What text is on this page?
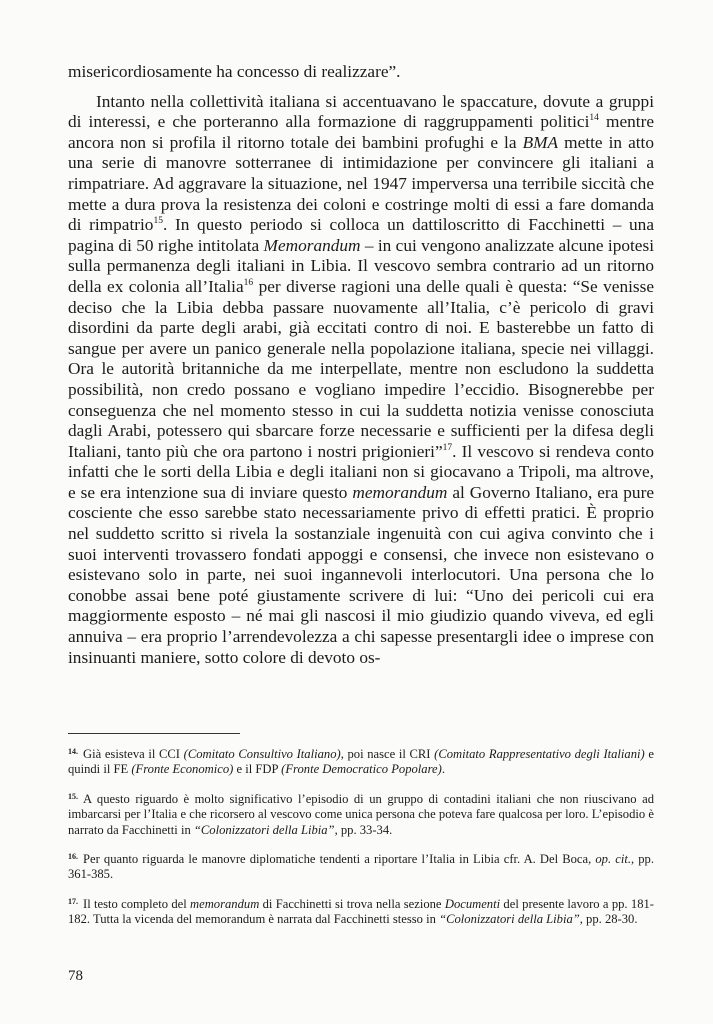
misericordiosamente ha concesso di realizzare”.

Intanto nella collettività italiana si accentuavano le spaccature, dovute a gruppi di interessi, e che porteranno alla formazione di raggruppamenti politici$^{14}$ mentre ancora non si profila il ritorno totale dei bambini profughi e la BMA mette in atto una serie di manovre sotterranee di intimidazione per convincere gli italiani a rimpatriare. Ad aggravare la situazione, nel 1947 imperversa una terribile siccità che mette a dura prova la resistenza dei coloni e costringe molti di essi a fare domanda di rimpatrio$^{15}$. In questo periodo si colloca un dattiloscritto di Facchinetti – una pagina di 50 righe intitolata Memorandum – in cui vengono analizzate alcune ipotesi sulla permanenza degli italiani in Libia. Il vescovo sembra contrario ad un ritorno della ex colonia all’Italia$^{16}$ per diverse ragioni una delle quali è questa: “Se venisse deciso che la Libia debba passare nuovamente all’Italia, c’è pericolo di gravi disordini da parte degli arabi, già eccitati contro di noi. E basterebbe un fatto di sangue per avere un panico generale nella popolazione italiana, specie nei villaggi. Ora le autorità britanniche da me interpellate, mentre non escludono la suddetta possibilità, non credo possano e vogliano impedire l’eccidio. Bisognerebbe per conseguenza che nel momento stesso in cui la suddetta notizia venisse conosciuta dagli Arabi, potessero qui sbarcare forze necessarie e sufficienti per la difesa degli Italiani, tanto più che ora partono i nostri prigionieri”$^{17}$. Il vescovo si rendeva conto infatti che le sorti della Libia e degli italiani non si giocavano a Tripoli, ma altrove, e se era intenzione sua di inviare questo memorandum al Governo Italiano, era pure cosciente che esso sarebbe stato necessariamente privo di effetti pratici. È proprio nel suddetto scritto si rivela la sostanziale ingenuità con cui agiva convinto che i suoi interventi trovassero fondati appoggi e consensi, che invece non esistevano o esistevano solo in parte, nei suoi ingannevoli interlocutori. Una persona che lo conobbe assai bene poté giustamente scrivere di lui: “Uno dei pericoli cui era maggiormente esposto – né mai gli nascosi il mio giudizio quando viveva, ed egli annuiva – era proprio l’arrendevolezza a chi sapesse presentargli idee o imprese con insinuanti maniere, sotto colore di devoto os-

$^{14.}$ Già esisteva il CCI (Comitato Consultivo Italiano), poi nasce il CRI (Comitato Rappresentativo degli Italiani) e quindi il FE (Fronte Economico) e il FDP (Fronte Democratico Popolare).

$^{15.}$ A questo riguardo è molto significativo l’episodio di un gruppo di contadini italiani che non riuscivano ad imbarcarsi per l’Italia e che ricorsero al vescovo come unica persona che poteva fare qualcosa per loro. L’episodio è narrato da Facchinetti in “Colonizzatori della Libia”, pp. 33-34.

$^{16.}$ Per quanto riguarda le manovre diplomatiche tendenti a riportare l’Italia in Libia cfr. A. Del Boca, op. cit., pp. 361-385.

$^{17.}$ Il testo completo del memorandum di Facchinetti si trova nella sezione Documenti del presente lavoro a pp. 181-182. Tutta la vicenda del memorandum è narrata dal Facchinetti stesso in “Colonizzatori della Libia”, pp. 28-30.

78
